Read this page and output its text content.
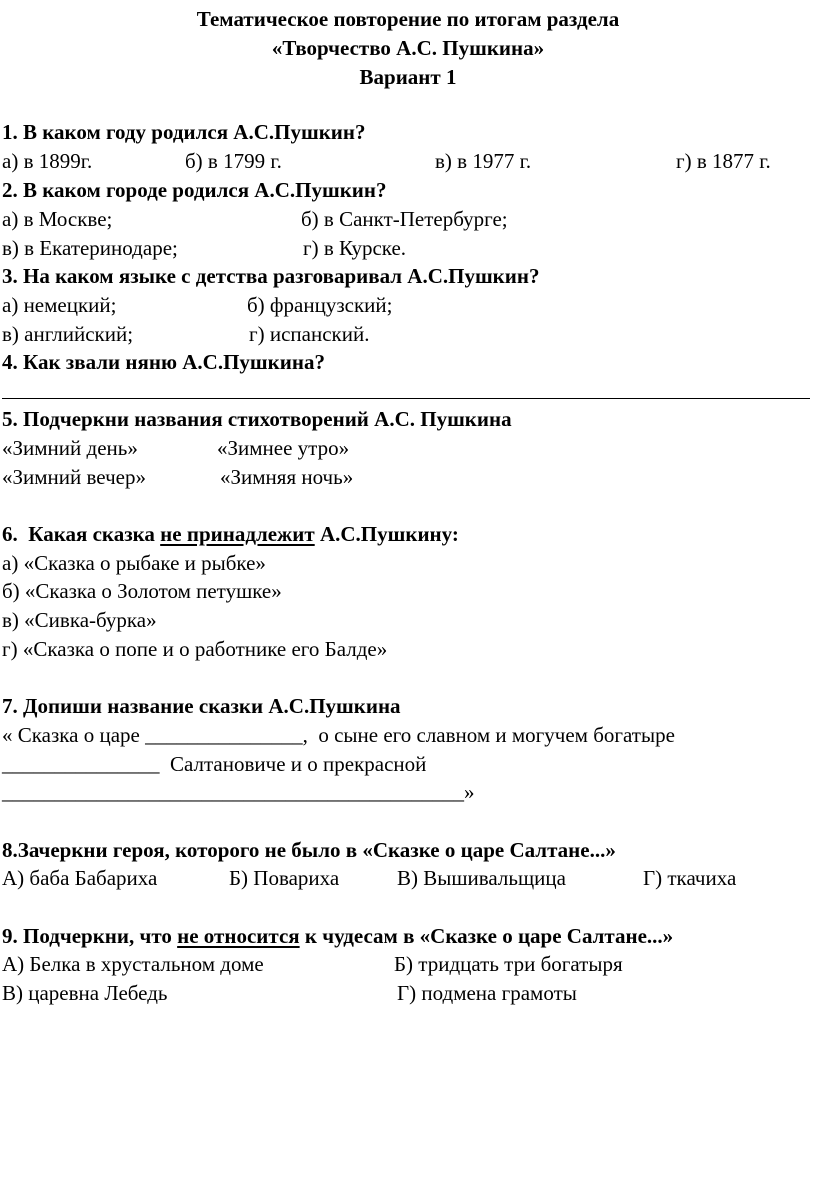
Тематическое повторение по итогам раздела
«Творчество А.С. Пушкина»
Вариант 1
1. В каком году родился А.С.Пушкин?
а) в 1899г.	б) в 1799 г.	в) в 1977 г.	г) в 1877 г.
2. В каком городе родился А.С.Пушкин?
а) в Москве;	б) в Санкт-Петербурге;
в) в Екатеринодаре;	г) в Курске.
3. На каком языке с детства разговаривал А.С.Пушкин?
а) немецкий;	б) французский;
в) английский;	г) испанский.
4. Как звали няню А.С.Пушкина?
5. Подчеркни названия стихотворений А.С. Пушкина
«Зимний день»	«Зимнее утро»
«Зимний вечер»	«Зимняя ночь»
6.  Какая сказка не принадлежит А.С.Пушкину:
а) «Сказка о рыбаке и рыбке»
б) «Сказка о Золотом петушке»
в) «Сивка-бурка»
г) «Сказка о попе и о работнике его Балде»
7. Допиши название сказки А.С.Пушкина
« Сказка о царе _______________,  о сыне его славном и могучем богатыре
_______________  Салтановиче и о прекрасной
____________________________________________»
8.Зачеркни героя, которого не было в «Сказке о царе Салтане...»
А) баба Бабариха	Б) Повариха	В) Вышивальщица	Г) ткачиха
9. Подчеркни, что не относится к чудесам в «Сказке о царе Салтане...»
А) Белка в хрустальном доме	Б) тридцать три богатыря
В) царевна Лебедь	Г) подмена грамоты
